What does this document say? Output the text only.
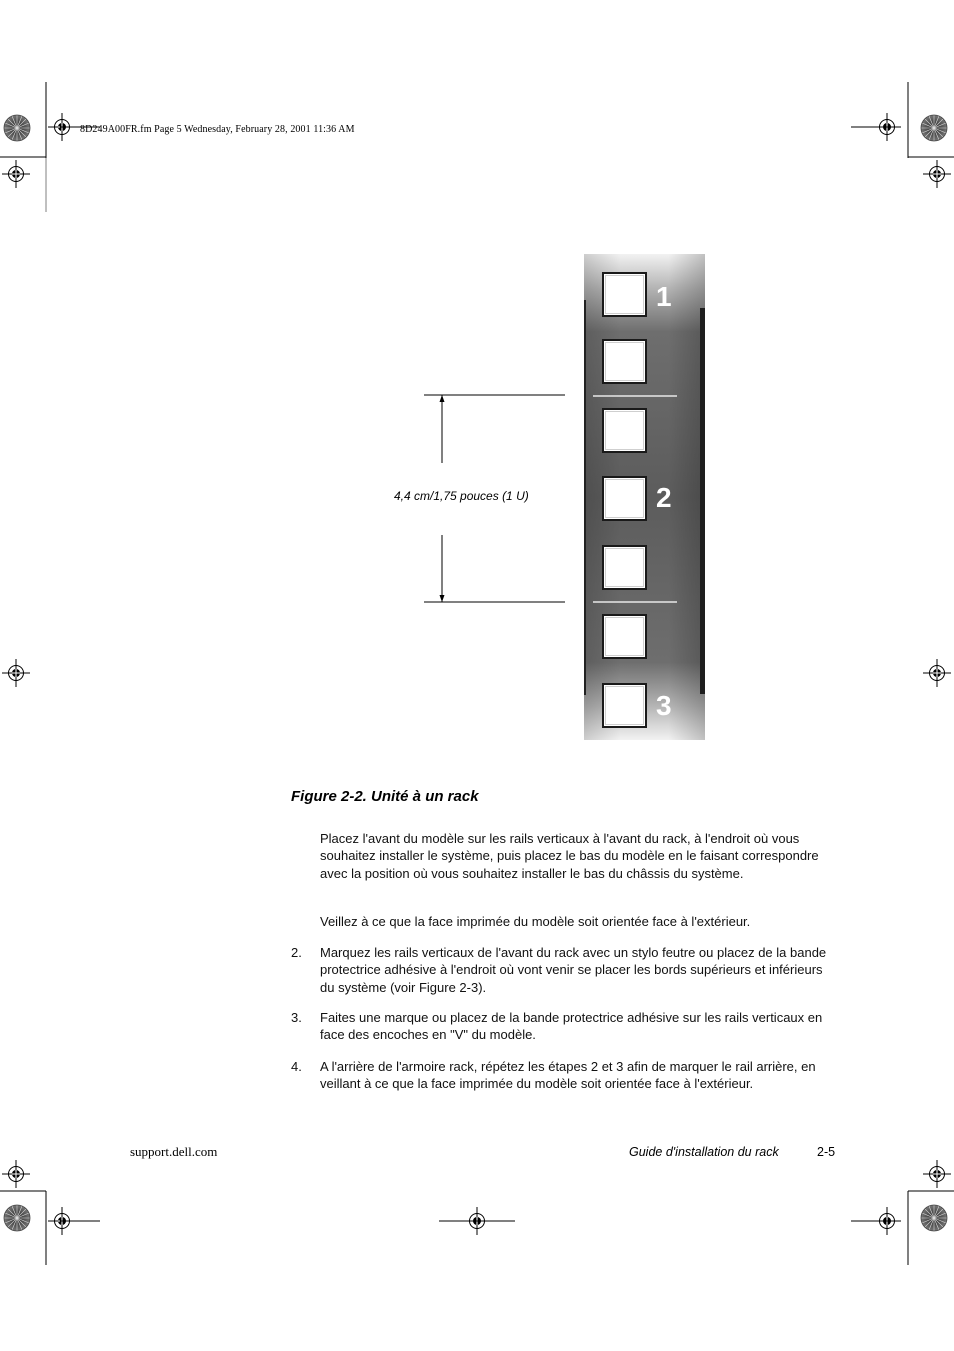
8D249A00FR.fm Page 5 Wednesday, February 28, 2001 11:36 AM
4,4 cm/1,75 pouces (1 U)
1
2
3
Figure 2-2. Unité à un rack

Placez l'avant du modèle sur les rails verticaux à l'avant du rack, à l'endroit où vous souhaitez installer le système, puis placez le bas du modèle en le faisant correspondre avec la position où vous souhaitez installer le bas du châssis du système.

Veillez à ce que la face imprimée du modèle soit orientée face à l'extérieur.

2. Marquez les rails verticaux de l'avant du rack avec un stylo feutre ou placez de la bande protectrice adhésive à l'endroit où vont venir se placer les bords supérieurs et inférieurs du système (voir Figure 2-3).

3. Faites une marque ou placez de la bande protectrice adhésive sur les rails verticaux en face des encoches en "V" du modèle.

4. A l'arrière de l'armoire rack, répétez les étapes 2 et 3 afin de marquer le rail arrière, en veillant à ce que la face imprimée du modèle soit orientée face à l'extérieur.

support.dell.com	Guide d'installation du rack	2-5
